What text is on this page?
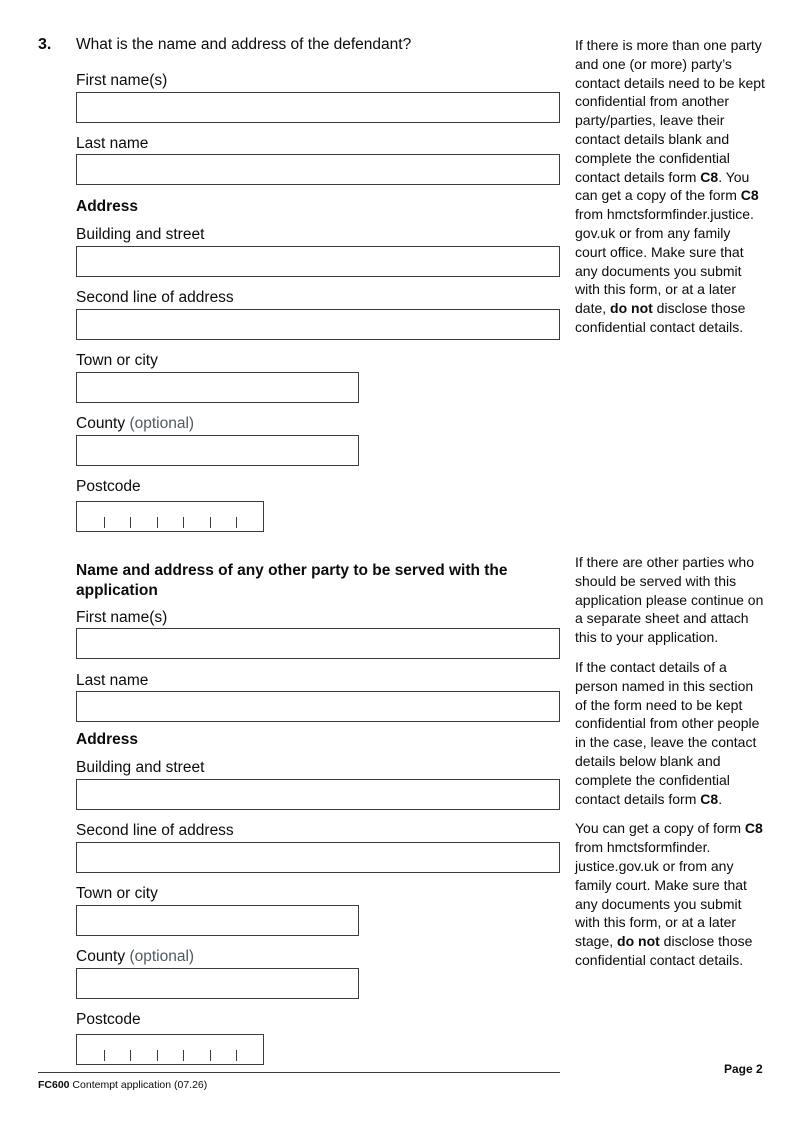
3. What is the name and address of the defendant?
First name(s)
Last name
Address
Building and street
Second line of address
Town or city
County (optional)
Postcode
Name and address of any other party to be served with the application
First name(s)
Last name
Address
Building and street
Second line of address
Town or city
County (optional)
Postcode

If there is more than one party and one (or more) party’s contact details need to be kept confidential from another party/parties, leave their contact details blank and complete the confidential contact details form C8. You can get a copy of the form C8 from hmctsformfinder.justice. gov.uk or from any family court office. Make sure that any documents you submit with this form, or at a later date, do not disclose those confidential contact details.

If there are other parties who should be served with this application please continue on a separate sheet and attach this to your application.

If the contact details of a person named in this section of the form need to be kept confidential from other people in the case, leave the contact details below blank and complete the confidential contact details form C8.

You can get a copy of form C8 from hmctsformfinder. justice.gov.uk or from any family court. Make sure that any documents you submit with this form, or at a later stage, do not disclose those confidential contact details.

FC600 Contempt application (07.26)
Page 2
